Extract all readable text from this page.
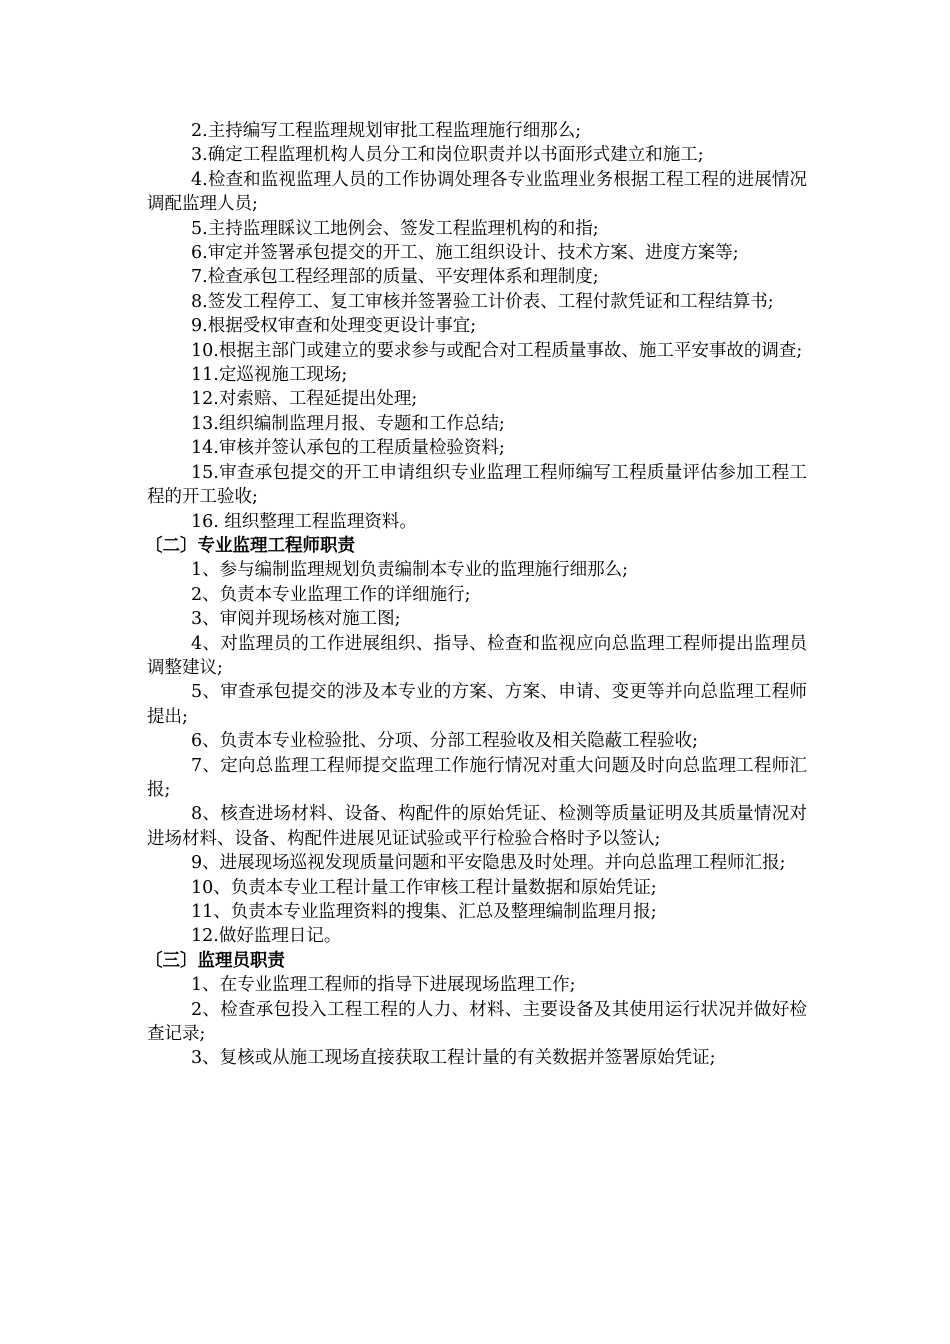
2.主持编写工程监理规划审批工程监理施行细那么;

3.确定工程监理机构人员分工和岗位职责并以书面形式建立和施工;

4.检查和监视监理人员的工作协调处理各专业监理业务根据工程工程的进展情况调配监理人员;

5.主持监理睬议工地例会、签发工程监理机构的和指;

6.审定并签署承包提交的开工、施工组织设计、技术方案、进度方案等;

7.检查承包工程经理部的质量、平安理体系和理制度;

8.签发工程停工、复工审核并签署验工计价表、工程付款凭证和工程结算书;

9.根据受权审查和处理变更设计事宜;

10.根据主部门或建立的要求参与或配合对工程质量事故、施工平安事故的调查;

11.定巡视施工现场;

12.对索赔、工程延提出处理;

13.组织编制监理月报、专题和工作总结;

14.审核并签认承包的工程质量检验资料;

15.审查承包提交的开工申请组织专业监理工程师编写工程质量评估参加工程工程的开工验收;

16. 组织整理工程监理资料。

〔二〕专业监理工程师职责

1、参与编制监理规划负责编制本专业的监理施行细那么;

2、负责本专业监理工作的详细施行;

3、审阅并现场核对施工图;

4、对监理员的工作进展组织、指导、检查和监视应向总监理工程师提出监理员调整建议;

5、审查承包提交的涉及本专业的方案、方案、申请、变更等并向总监理工程师提出;

6、负责本专业检验批、分项、分部工程验收及相关隐蔽工程验收;

7、定向总监理工程师提交监理工作施行情况对重大问题及时向总监理工程师汇报;

8、核查进场材料、设备、构配件的原始凭证、检测等质量证明及其质量情况对进场材料、设备、构配件进展见证试验或平行检验合格时予以签认;

9、进展现场巡视发现质量问题和平安隐患及时处理。并向总监理工程师汇报;

10、负责本专业工程计量工作审核工程计量数据和原始凭证;

11、负责本专业监理资料的搜集、汇总及整理编制监理月报;

12.做好监理日记。

〔三〕监理员职责

1、在专业监理工程师的指导下进展现场监理工作;

2、检查承包投入工程工程的人力、材料、主要设备及其使用运行状况并做好检查记录;

3、复核或从施工现场直接获取工程计量的有关数据并签署原始凭证;
